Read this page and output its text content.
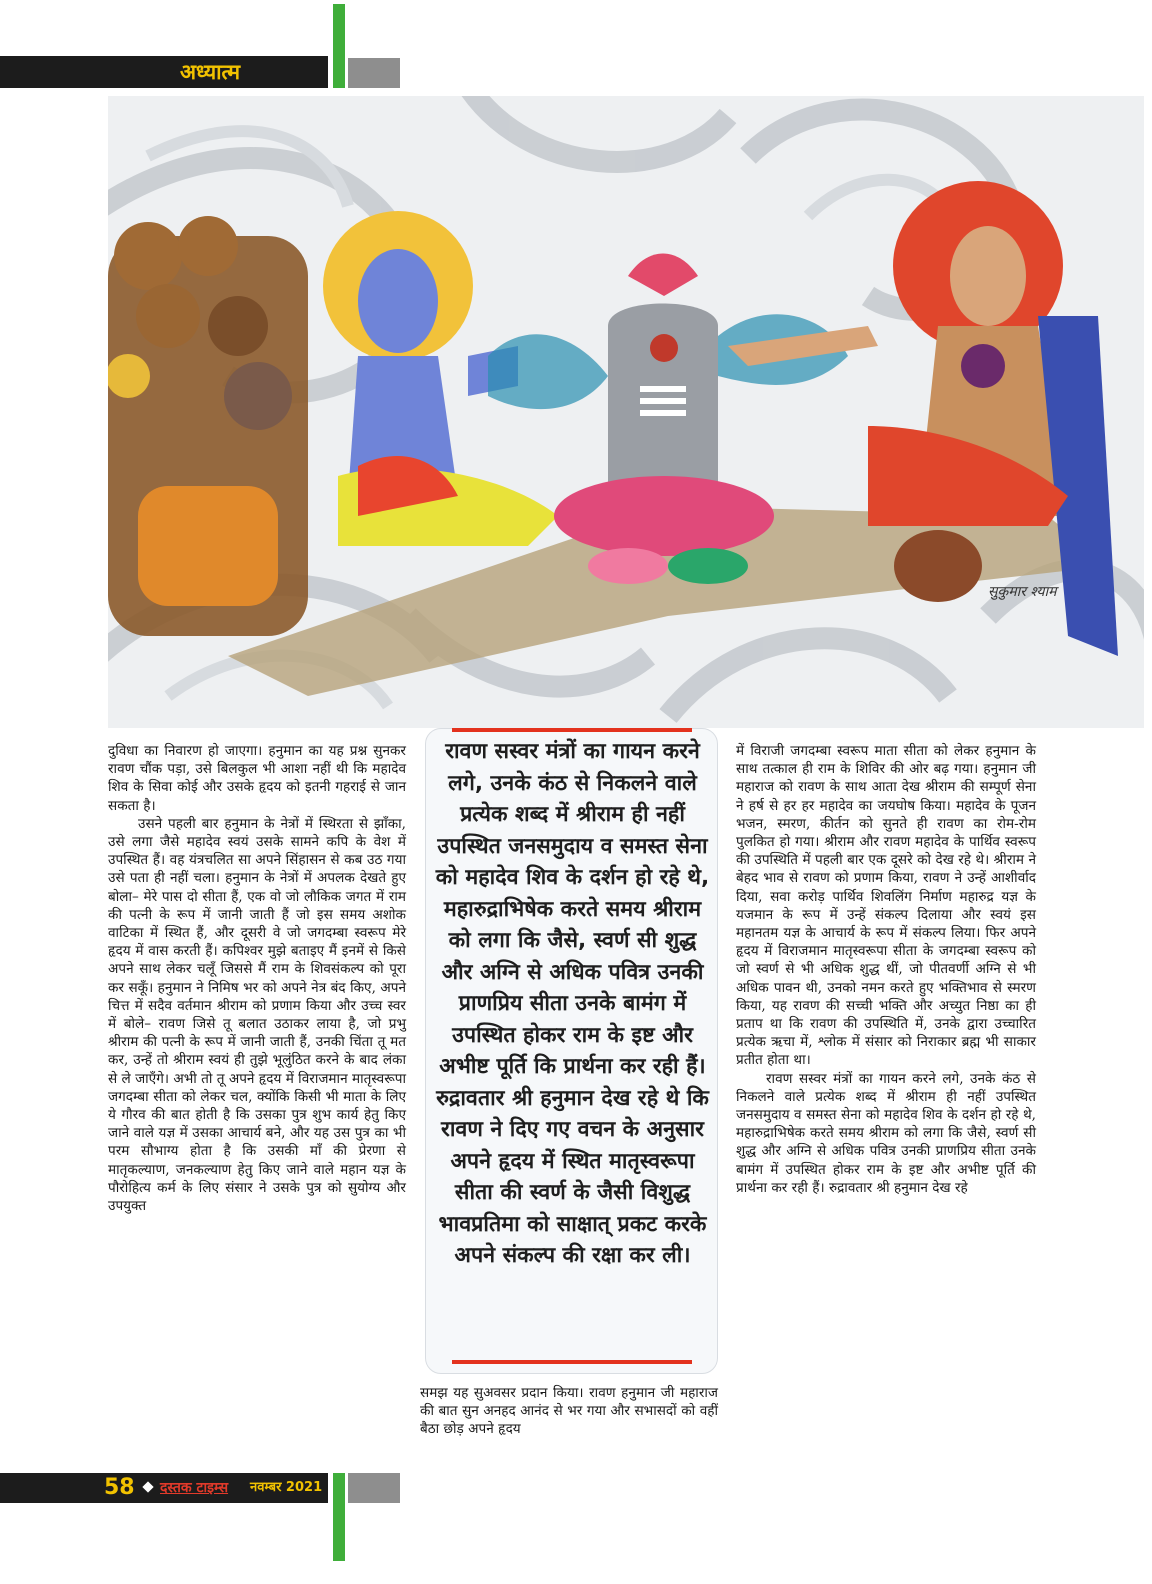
अध्यात्म
सुकुमार श्याम

दुविधा का निवारण हो जाएगा। हनुमान का यह प्रश्न सुनकर रावण चौंक पड़ा, उसे बिलकुल भी आशा नहीं थी कि महादेव शिव के सिवा कोई और उसके हृदय को इतनी गहराई से जान सकता है।

उसने पहली बार हनुमान के नेत्रों में स्थिरता से झाँका, उसे लगा जैसे महादेव स्वयं उसके सामने कपि के वेश में उपस्थित हैं। वह यंत्रचलित सा अपने सिंहासन से कब उठ गया उसे पता ही नहीं चला। हनुमान के नेत्रों में अपलक देखते हुए बोला– मेरे पास दो सीता हैं, एक वो जो लौकिक जगत में राम की पत्नी के रूप में जानी जाती हैं जो इस समय अशोक वाटिका में स्थित हैं, और दूसरी वे जो जगदम्बा स्वरूप मेरे हृदय में वास करती हैं। कपिश्वर मुझे बताइए मैं इनमें से किसे अपने साथ लेकर चलूँ जिससे मैं राम के शिवसंकल्प को पूरा कर सकूँ। हनुमान ने निमिष भर को अपने नेत्र बंद किए, अपने चित्त में सदैव वर्तमान श्रीराम को प्रणाम किया और उच्च स्वर में बोले– रावण जिसे तू बलात उठाकर लाया है, जो प्रभु श्रीराम की पत्नी के रूप में जानी जाती हैं, उनकी चिंता तू मत कर, उन्हें तो श्रीराम स्वयं ही तुझे भूलुंठित करने के बाद लंका से ले जाएँगे। अभी तो तू अपने हृदय में विराजमान मातृस्वरूपा जगदम्बा सीता को लेकर चल, क्योंकि किसी भी माता के लिए ये गौरव की बात होती है कि उसका पुत्र शुभ कार्य हेतु किए जाने वाले यज्ञ में उसका आचार्य बने, और यह उस पुत्र का भी परम सौभाग्य होता है कि उसकी माँ की प्रेरणा से मातृकल्याण, जनकल्याण हेतु किए जाने वाले महान यज्ञ के पौरोहित्य कर्म के लिए संसार ने उसके पुत्र को सुयोग्य और उपयुक्त

रावण सस्वर मंत्रों का गायन करने लगे, उनके कंठ से निकलने वाले प्रत्येक शब्द में श्रीराम ही नहीं उपस्थित जनसमुदाय व समस्त सेना को महादेव शिव के दर्शन हो रहे थे, महारुद्राभिषेक करते समय श्रीराम को लगा कि जैसे, स्वर्ण सी शुद्ध और अग्नि से अधिक पवित्र उनकी प्राणप्रिय सीता उनके बामंग में उपस्थित होकर राम के इष्ट और अभीष्ट पूर्ति कि प्रार्थना कर रही हैं। रुद्रावतार श्री हनुमान देख रहे थे कि रावण ने दिए गए वचन के अनुसार अपने हृदय में स्थित मातृस्वरूपा सीता की स्वर्ण के जैसी विशुद्ध भावप्रतिमा को साक्षात् प्रकट करके अपने संकल्प की रक्षा कर ली।

समझ यह सुअवसर प्रदान किया। रावण हनुमान जी महाराज की बात सुन अनहद आनंद से भर गया और सभासदों को वहीं बैठा छोड़ अपने हृदय

में विराजी जगदम्बा स्वरूप माता सीता को लेकर हनुमान के साथ तत्काल ही राम के शिविर की ओर बढ़ गया। हनुमान जी महाराज को रावण के साथ आता देख श्रीराम की सम्पूर्ण सेना ने हर्ष से हर हर महादेव का जयघोष किया। महादेव के पूजन भजन, स्मरण, कीर्तन को सुनते ही रावण का रोम-रोम पुलकित हो गया। श्रीराम और रावण महादेव के पार्थिव स्वरूप की उपस्थिति में पहली बार एक दूसरे को देख रहे थे। श्रीराम ने बेहद भाव से रावण को प्रणाम किया, रावण ने उन्हें आशीर्वाद दिया, सवा करोड़ पार्थिव शिवलिंग निर्माण महारुद्र यज्ञ के यजमान के रूप में उन्हें संकल्प दिलाया और स्वयं इस महानतम यज्ञ के आचार्य के रूप में संकल्प लिया। फिर अपने हृदय में विराजमान मातृस्वरूपा सीता के जगदम्बा स्वरूप को जो स्वर्ण से भी अधिक शुद्ध थीं, जो पीतवर्णी अग्नि से भी अधिक पावन थी, उनको नमन करते हुए भक्तिभाव से स्मरण किया, यह रावण की सच्ची भक्ति और अच्युत निष्ठा का ही प्रताप था कि रावण की उपस्थिति में, उनके द्वारा उच्चारित प्रत्येक ऋचा में, श्लोक में संसार को निराकार ब्रह्म भी साकार प्रतीत होता था।

रावण सस्वर मंत्रों का गायन करने लगे, उनके कंठ से निकलने वाले प्रत्येक शब्द में श्रीराम ही नहीं उपस्थित जनसमुदाय व समस्त सेना को महादेव शिव के दर्शन हो रहे थे, महारुद्राभिषेक करते समय श्रीराम को लगा कि जैसे, स्वर्ण सी शुद्ध और अग्नि से अधिक पवित्र उनकी प्राणप्रिय सीता उनके बामंग में उपस्थित होकर राम के इष्ट और अभीष्ट पूर्ति की प्रार्थना कर रही हैं। रुद्रावतार श्री हनुमान देख रहे

58 दस्तक टाइम्स नवम्बर 2021
